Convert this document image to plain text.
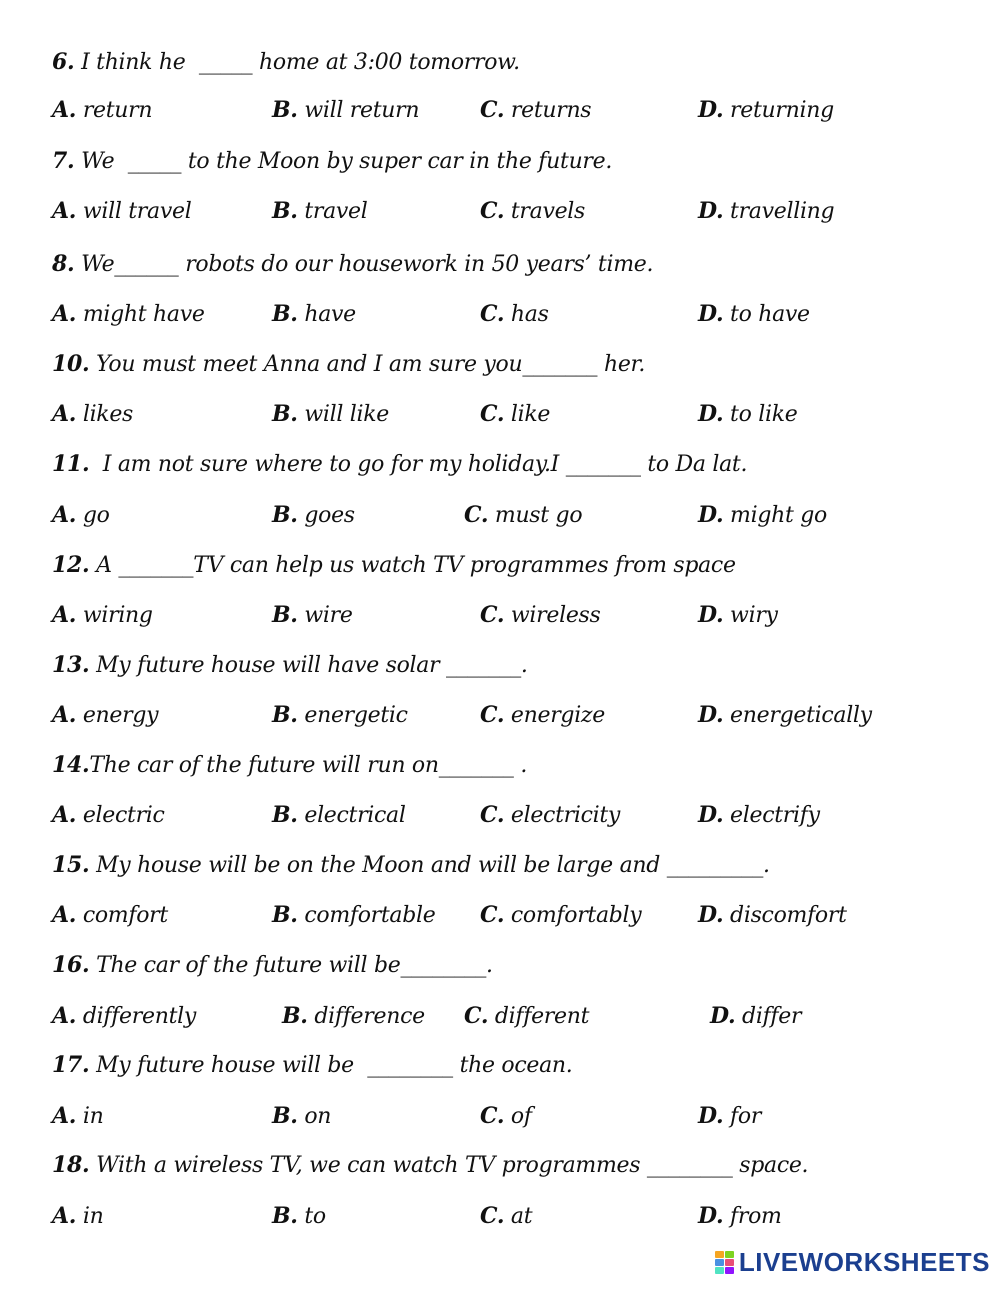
6. I think he  _____ home at 3:00 tomorrow.
A. return	B. will return	C. returns	D. returning
7. We  _____ to the Moon by super car in the future.
A. will travel	B. travel	C. travels	D. travelling
8. We______ robots do our housework in 50 years’ time.
A. might have	B. have	C. has	D. to have
10. You must meet Anna and I am sure you_______ her.
A. likes	B. will like	C. like	D. to like
11.  I am not sure where to go for my holiday.I _______ to Da lat.
A. go	B. goes	C. must go	D. might go
12. A _______TV can help us watch TV programmes from space
A. wiring	B. wire	C. wireless	D. wiry
13. My future house will have solar _______.
A. energy	B. energetic	C. energize	D. energetically
14.The car of the future will run on_______ .
A. electric	B. electrical	C. electricity	D. electrify
15. My house will be on the Moon and will be large and _________.
A. comfort	B. comfortable C. comfortably	D. discomfort
16. The car of the future will be________.
A. differently	B. difference C. different	D. differ
17. My future house will be  ________ the ocean.
A. in	B. on	C. of	D. for
18. With a wireless TV, we can watch TV programmes ________ space.
A. in	B. to	C. at	D. from
LIVEWORKSHEETS
